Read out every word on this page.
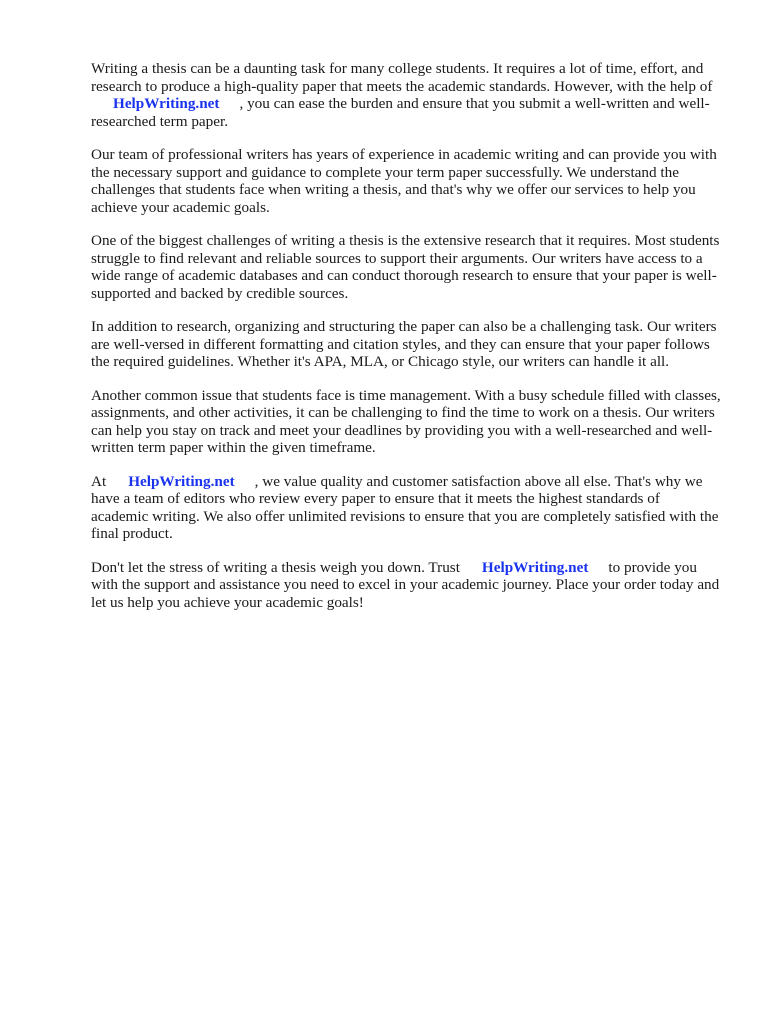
Writing a thesis can be a daunting task for many college students. It requires a lot of time, effort, and research to produce a high-quality paper that meets the academic standards. However, with the help ofHelpWriting.net , you can ease the burden and ensure that you submit a well-written and well-researched term paper.

Our team of professional writers has years of experience in academic writing and can provide you with the necessary support and guidance to complete your term paper successfully. We understand the challenges that students face when writing a thesis, and that's why we offer our services to help you achieve your academic goals.

One of the biggest challenges of writing a thesis is the extensive research that it requires. Most students struggle to find relevant and reliable sources to support their arguments. Our writers have access to a wide range of academic databases and can conduct thorough research to ensure that your paper is well-supported and backed by credible sources.

In addition to research, organizing and structuring the paper can also be a challenging task. Our writers are well-versed in different formatting and citation styles, and they can ensure that your paper follows the required guidelines. Whether it's APA, MLA, or Chicago style, our writers can handle it all.

Another common issue that students face is time management. With a busy schedule filled with classes, assignments, and other activities, it can be challenging to find the time to work on a thesis. Our writers can help you stay on track and meet your deadlines by providing you with a well-researched and well-written term paper within the given timeframe.

At HelpWriting.net , we value quality and customer satisfaction above all else. That's why we have a team of editors who review every paper to ensure that it meets the highest standards of academic writing. We also offer unlimited revisions to ensure that you are completely satisfied with the final product.

Don't let the stress of writing a thesis weigh you down. Trust HelpWriting.net to provide you with the support and assistance you need to excel in your academic journey. Place your order today and let us help you achieve your academic goals!
